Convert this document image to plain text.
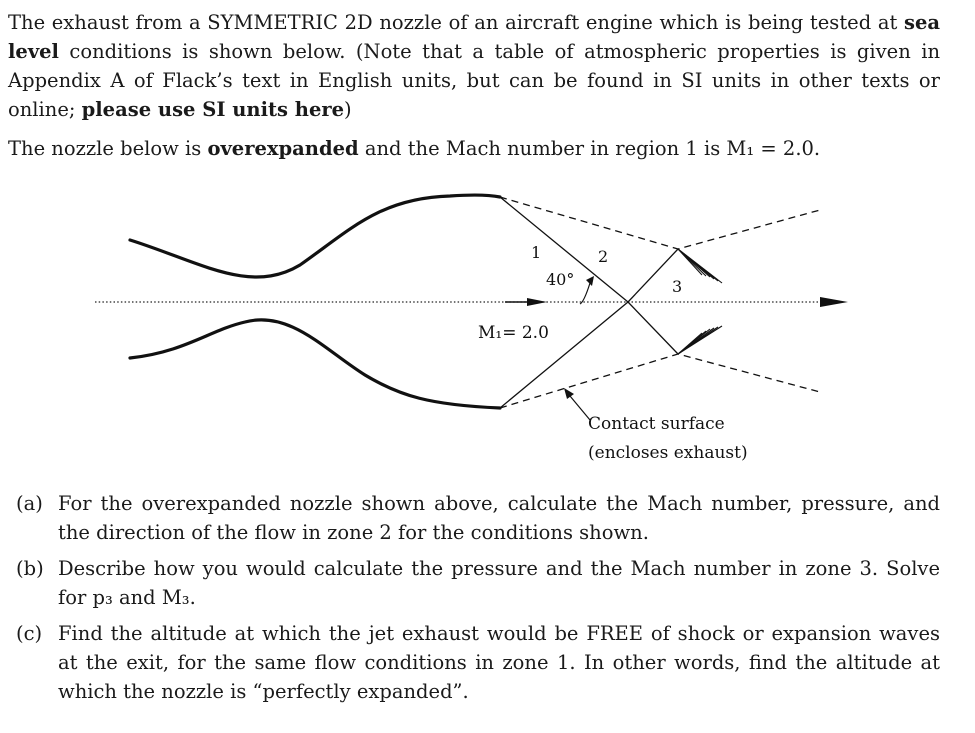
The exhaust from a SYMMETRIC 2D nozzle of an aircraft engine which is being tested at sea level conditions is shown below. (Note that a table of atmospheric properties is given in Appendix A of Flack’s text in English units, but can be found in SI units in other texts or online; please use SI units here)

The nozzle below is overexpanded and the Mach number in region 1 is M₁ = 2.0.

1	2
3
40°
M₁= 2.0
Contact surface
(encloses exhaust)
(a) For the overexpanded nozzle shown above, calculate the Mach number, pressure, and the direction of the flow in zone 2 for the conditions shown.
(b) Describe how you would calculate the pressure and the Mach number in zone 3. Solve for p₃ and M₃.
(c) Find the altitude at which the jet exhaust would be FREE of shock or expansion waves at the exit, for the same flow conditions in zone 1. In other words, find the altitude at which the nozzle is “perfectly expanded”.
